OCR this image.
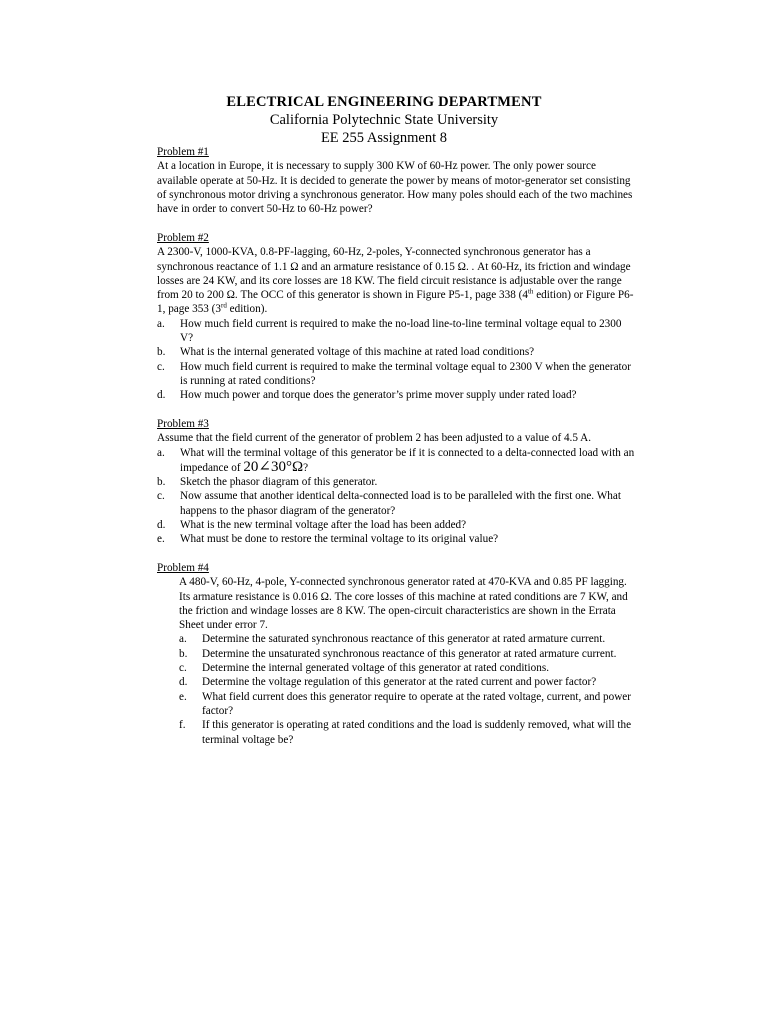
ELECTRICAL ENGINEERING DEPARTMENT
California Polytechnic State University
EE 255 Assignment 8
Problem #1
At a location in Europe, it is necessary to supply 300 KW of 60-Hz power. The only power source available operate at 50-Hz. It is decided to generate the power by means of motor-generator set consisting of synchronous motor driving a synchronous generator. How many poles should each of the two machines have in order to convert 50-Hz to 60-Hz power?
Problem #2
A 2300-V, 1000-KVA, 0.8-PF-lagging, 60-Hz, 2-poles, Y-connected synchronous generator has a synchronous reactance of 1.1 Ω and an armature resistance of 0.15 Ω. . At 60-Hz, its friction and windage losses are 24 KW, and its core losses are 18 KW. The field circuit resistance is adjustable over the range from 20 to 200 Ω. The OCC of this generator is shown in Figure P5-1, page 338 (4th edition) or Figure P6-1, page 353 (3rd edition).
a. How much field current is required to make the no-load line-to-line terminal voltage equal to 2300 V?
b. What is the internal generated voltage of this machine at rated load conditions?
c. How much field current is required to make the terminal voltage equal to 2300 V when the generator is running at rated conditions?
d. How much power and torque does the generator’s prime mover supply under rated load?
Problem #3
Assume that the field current of the generator of problem 2 has been adjusted to a value of 4.5 A.
a. What will the terminal voltage of this generator be if it is connected to a delta-connected load with an impedance of 20∠30°Ω?
b. Sketch the phasor diagram of this generator.
c. Now assume that another identical delta-connected load is to be paralleled with the first one. What happens to the phasor diagram of the generator?
d. What is the new terminal voltage after the load has been added?
e. What must be done to restore the terminal voltage to its original value?
Problem #4
A 480-V, 60-Hz, 4-pole, Y-connected synchronous generator rated at 470-KVA and 0.85 PF lagging. Its armature resistance is 0.016 Ω. The core losses of this machine at rated conditions are 7 KW, and the friction and windage losses are 8 KW. The open-circuit characteristics are shown in the Errata Sheet under error 7.
a. Determine the saturated synchronous reactance of this generator at rated armature current.
b. Determine the unsaturated synchronous reactance of this generator at rated armature current.
c. Determine the internal generated voltage of this generator at rated conditions.
d. Determine the voltage regulation of this generator at the rated current and power factor?
e. What field current does this generator require to operate at the rated voltage, current, and power factor?
f. If this generator is operating at rated conditions and the load is suddenly removed, what will the terminal voltage be?
